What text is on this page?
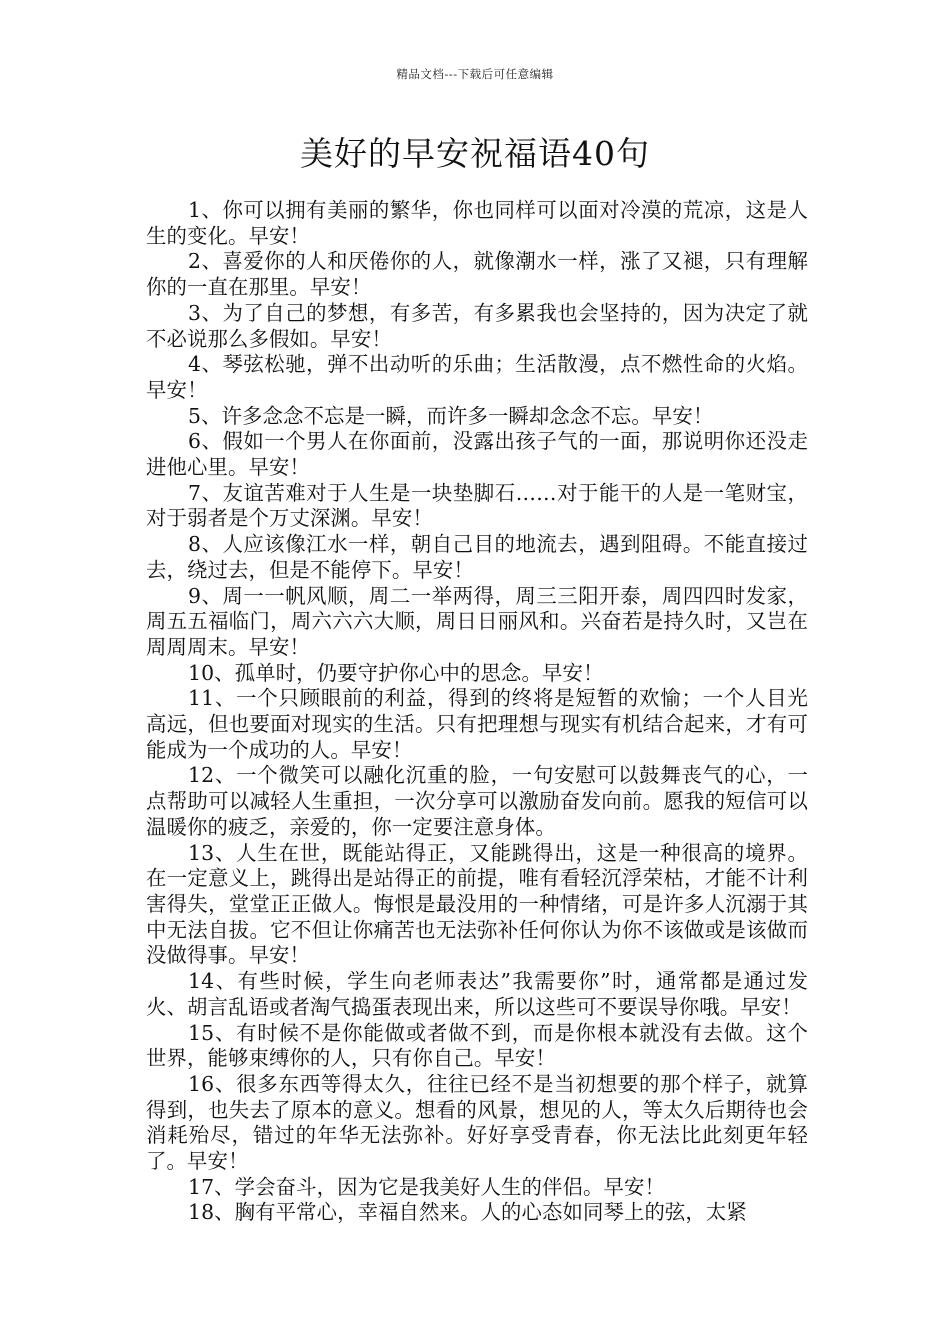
精品文档---下载后可任意编辑
美好的早安祝福语40句

1、你可以拥有美丽的繁华，你也同样可以面对冷漠的荒凉，这是人生的变化。早安！

2、喜爱你的人和厌倦你的人，就像潮水一样，涨了又褪，只有理解你的一直在那里。早安！

3、为了自己的梦想，有多苦，有多累我也会坚持的，因为决定了就不必说那么多假如。早安！

4、琴弦松驰，弹不出动听的乐曲；生活散漫，点不燃性命的火焰。早安！

5、许多念念不忘是一瞬，而许多一瞬却念念不忘。早安！

6、假如一个男人在你面前，没露出孩子气的一面，那说明你还没走进他心里。早安！

7、友谊苦难对于人生是一块垫脚石……对于能干的人是一笔财宝，对于弱者是个万丈深渊。早安！

8、人应该像江水一样，朝自己目的地流去，遇到阻碍。不能直接过去，绕过去，但是不能停下。早安！

9、周一一帆风顺，周二一举两得，周三三阳开泰，周四四时发家，周五五福临门，周六六六大顺，周日日丽风和。兴奋若是持久时，又岂在周周周末。早安！

10、孤单时，仍要守护你心中的思念。早安！

11、一个只顾眼前的利益，得到的终将是短暂的欢愉；一个人目光高远，但也要面对现实的生活。只有把理想与现实有机结合起来，才有可能成为一个成功的人。早安！

12、一个微笑可以融化沉重的脸，一句安慰可以鼓舞丧气的心，一点帮助可以减轻人生重担，一次分享可以激励奋发向前。愿我的短信可以温暖你的疲乏，亲爱的，你一定要注意身体。

13、人生在世，既能站得正，又能跳得出，这是一种很高的境界。在一定意义上，跳得出是站得正的前提，唯有看轻沉浮荣枯，才能不计利害得失，堂堂正正做人。悔恨是最没用的一种情绪，可是许多人沉溺于其中无法自拔。它不但让你痛苦也无法弥补任何你认为你不该做或是该做而没做得事。早安！

14、有些时候，学生向老师表达”我需要你”时，通常都是通过发火、胡言乱语或者淘气捣蛋表现出来，所以这些可不要误导你哦。早安！

15、有时候不是你能做或者做不到，而是你根本就没有去做。这个世界，能够束缚你的人，只有你自己。早安！

16、很多东西等得太久，往往已经不是当初想要的那个样子，就算得到，也失去了原本的意义。想看的风景，想见的人，等太久后期待也会消耗殆尽，错过的年华无法弥补。好好享受青春，你无法比此刻更年轻了。早安！

17、学会奋斗，因为它是我美好人生的伴侣。早安！

18、胸有平常心，幸福自然来。人的心态如同琴上的弦，太紧
